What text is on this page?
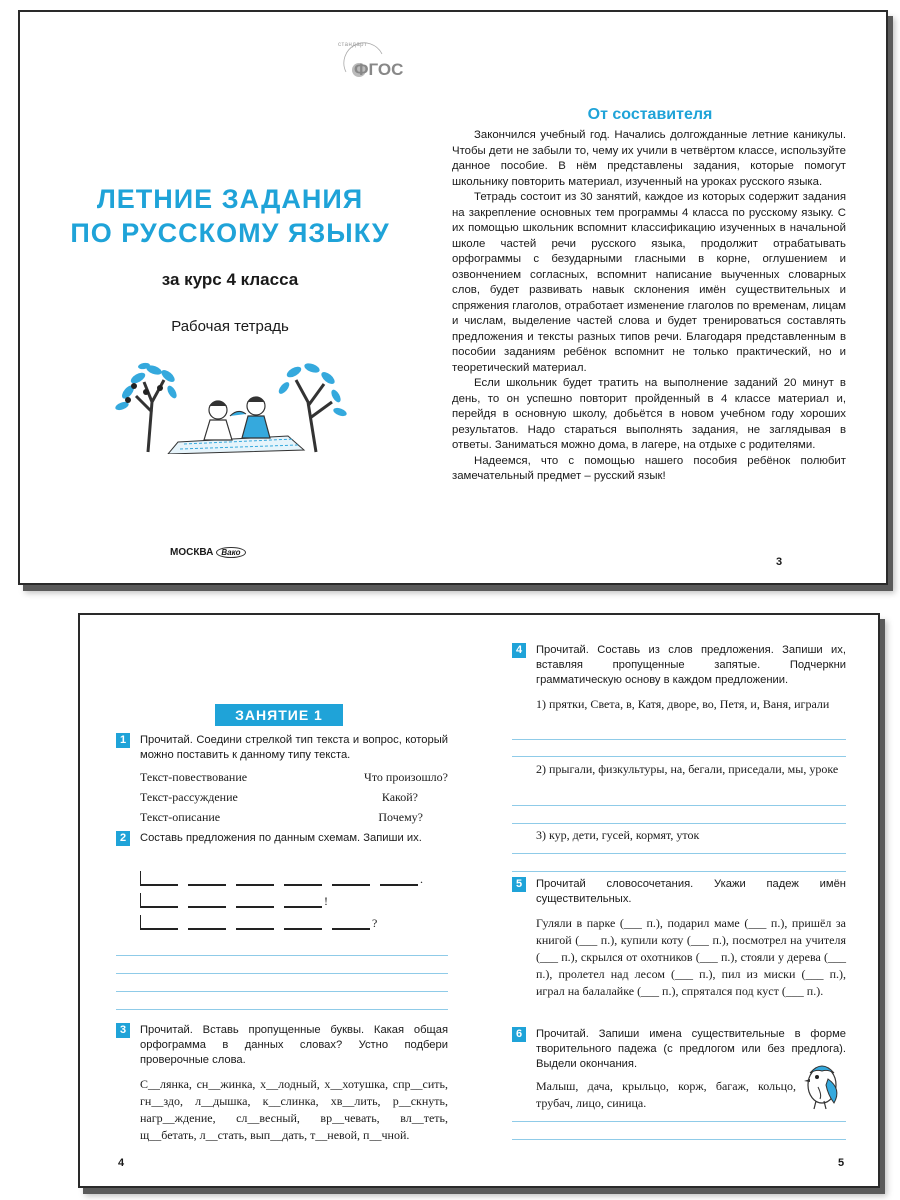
стандарт
ФГОС
ЛЕТНИЕ ЗАДАНИЯ
ПО РУССКОМУ ЯЗЫКУ
за курс 4 класса
Рабочая тетрадь
МОСКВА	Вако
От составителя

Закончился учебный год. Начались долгожданные летние каникулы. Чтобы дети не забыли то, чему их учили в четвёртом классе, используйте данное пособие. В нём представлены задания, которые помогут школьнику повторить материал, изученный на уроках русского языка.

Тетрадь состоит из 30 занятий, каждое из которых содержит задания на закрепление основных тем программы 4 класса по русскому языку. С их помощью школьник вспомнит классификацию изученных в начальной школе частей речи русского языка, продолжит отрабатывать орфограммы с безударными гласными в корне, оглушением и озвончением согласных, вспомнит написание выученных словарных слов, будет развивать навык склонения имён существительных и спряжения глаголов, отработает изменение глаголов по временам, лицам и числам, выделение частей слова и будет тренироваться составлять предложения и тексты разных типов речи. Благодаря представленным в пособии заданиям ребёнок вспомнит не только практический, но и теоретический материал.

Если школьник будет тратить на выполнение заданий 20 минут в день, то он успешно повторит пройденный в 4 классе материал и, перейдя в основную школу, добьётся в новом учебном году хороших результатов. Надо стараться выполнять задания, не заглядывая в ответы. Заниматься можно дома, в лагере, на отдыхе с родителями.

Надеемся, что с помощью нашего пособия ребёнок полюбит замечательный предмет – русский язык!

3
ЗАНЯТИЕ 1
1	Прочитай. Соедини стрелкой тип текста и вопрос, который можно поставить к данному типу текста.
Текст-повествование	Что произошло?
Текст-рассуждение	Какой?
Текст-описание	Почему?
2	Составь предложения по данным схемам. Запиши их.
.
!
?
3	Прочитай. Вставь пропущенные буквы. Какая общая орфограмма в данных словах? Устно подбери проверочные слова.
С__лянка, сн__жинка, х__лодный, х__хотушка, спр__сить, гн__здо, л__дышка, к__слинка, хв__лить, р__скнуть, нагр__ждение, сл__весный, вр__чевать, вл__теть, щ__бетать, л__стать, вып__дать, т__невой, п__чной.
4	Прочитай. Составь из слов предложения. Запиши их, вставляя пропущенные запятые. Подчеркни грамматическую основу в каждом предложении.
1) прятки, Света, в, Катя, дворе, во, Петя, и, Ваня, играли
2) прыгали, физкультуры, на, бегали, приседали, мы, уроке
3) кур, дети, гусей, кормят, уток
5	Прочитай словосочетания. Укажи падеж имён существительных.
Гуляли в парке (___ п.), подарил маме (___ п.), пришёл за книгой (___ п.), купили коту (___ п.), посмотрел на учителя (___ п.), скрылся от охотников (___ п.), стояли у дерева (___ п.), пролетел над лесом (___ п.), пил из миски (___ п.), играл на балалайке (___ п.), спрятался под куст (___ п.).
6	Прочитай. Запиши имена существительные в форме творительного падежа (с предлогом или без предлога). Выдели окончания.
Малыш, дача, крыльцо, корж, багаж, кольцо, трубач, лицо, синица.
4	5
